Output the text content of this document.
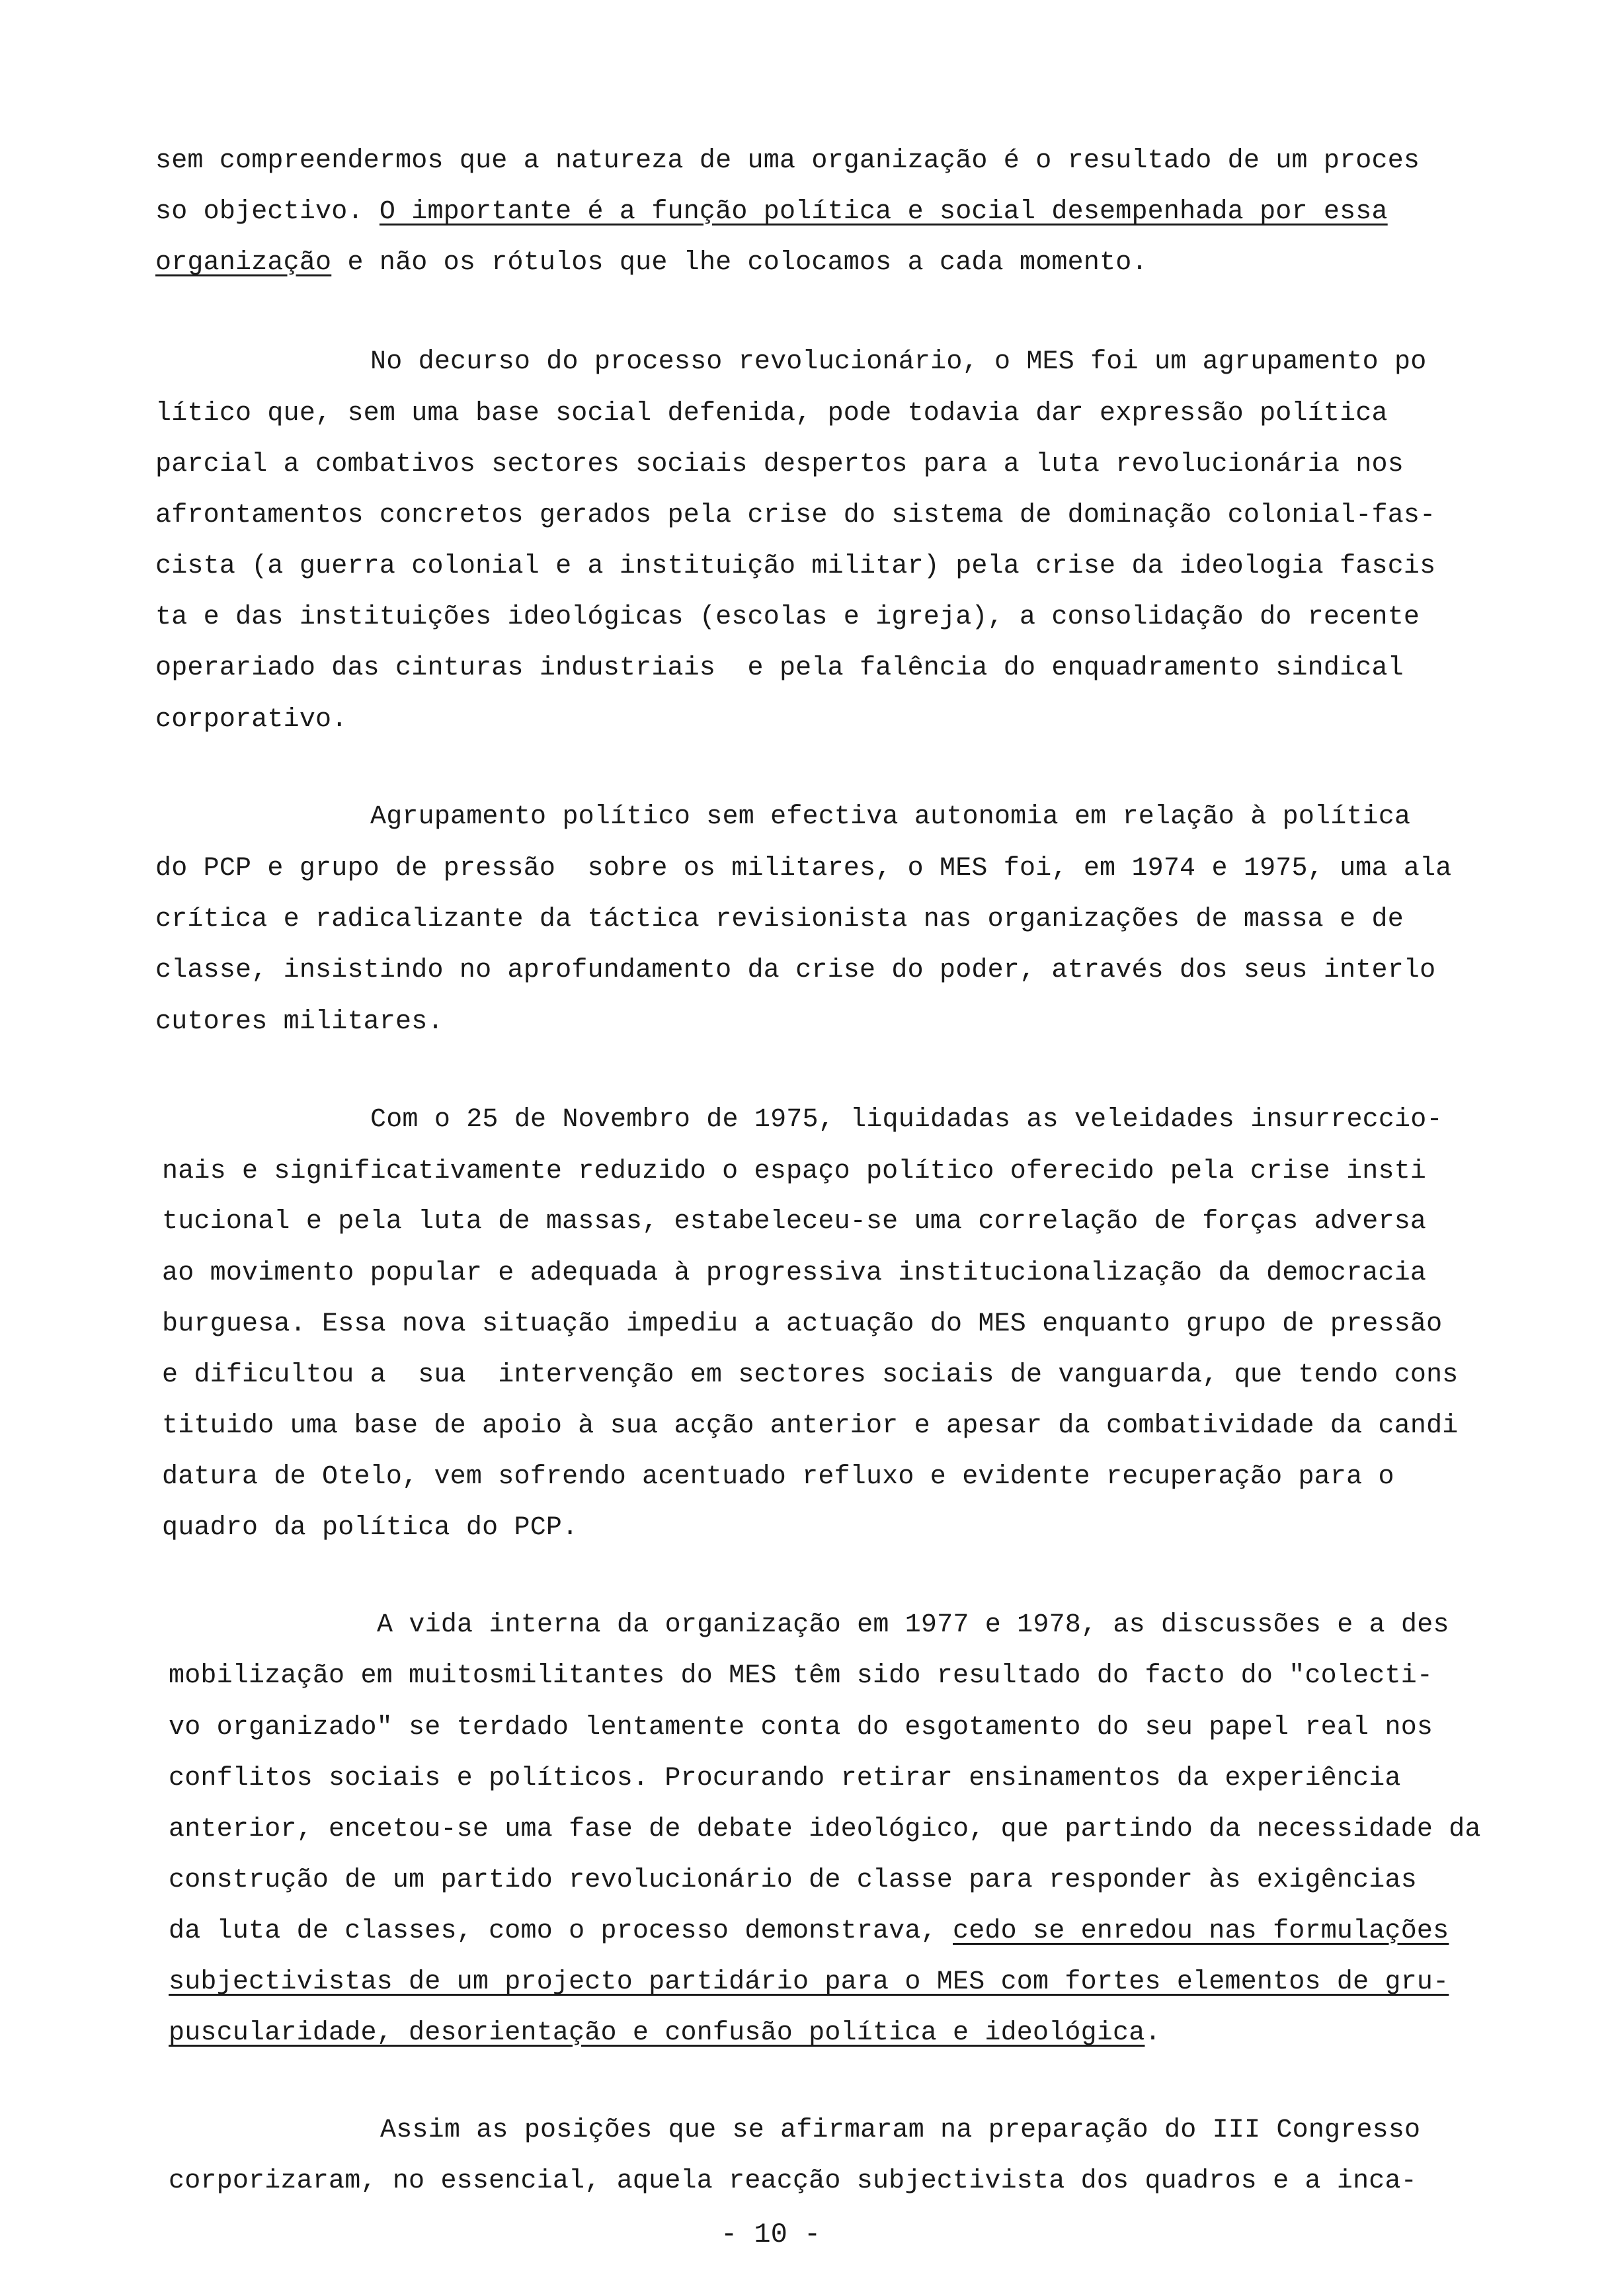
sem compreendermos que a natureza de uma organização é o resultado de um proces
so objectivo. O importante é a função política e social desempenhada por essa
organização e não os rótulos que lhe colocamos a cada momento.
No decurso do processo revolucionário, o MES foi um agrupamento po
lítico que, sem uma base social defenida, pode todavia dar expressão política
parcial a combativos sectores sociais despertos para a luta revolucionária nos
afrontamentos concretos gerados pela crise do sistema de dominação colonial-fas-
cista (a guerra colonial e a instituição militar) pela crise da ideologia fascis
ta e das instituições ideológicas (escolas e igreja), a consolidação do recente
operariado das cinturas industriais  e pela falência do enquadramento sindical
corporativo.
Agrupamento político sem efectiva autonomia em relação à política
do PCP e grupo de pressão  sobre os militares, o MES foi, em 1974 e 1975, uma ala
crítica e radicalizante da táctica revisionista nas organizações de massa e de
classe, insistindo no aprofundamento da crise do poder, através dos seus interlo
cutores militares.
Com o 25 de Novembro de 1975, liquidadas as veleidades insurreccio-
nais e significativamente reduzido o espaço político oferecido pela crise insti
tucional e pela luta de massas, estabeleceu-se uma correlação de forças adversa
ao movimento popular e adequada à progressiva institucionalização da democracia
burguesa. Essa nova situação impediu a actuação do MES enquanto grupo de pressão
e dificultou a  sua  intervenção em sectores sociais de vanguarda, que tendo cons
tituido uma base de apoio à sua acção anterior e apesar da combatividade da candi
datura de Otelo, vem sofrendo acentuado refluxo e evidente recuperação para o
quadro da política do PCP.
A vida interna da organização em 1977 e 1978, as discussões e a des
mobilização em muitosmilitantes do MES têm sido resultado do facto do "colecti-
vo organizado" se terdado lentamente conta do esgotamento do seu papel real nos
conflitos sociais e políticos. Procurando retirar ensinamentos da experiência
anterior, encetou-se uma fase de debate ideológico, que partindo da necessidade da
construção de um partido revolucionário de classe para responder às exigências
da luta de classes, como o processo demonstrava, cedo se enredou nas formulações
subjectivistas de um projecto partidário para o MES com fortes elementos de gru-
puscularidade, desorientação e confusão política e ideológica.
Assim as posições que se afirmaram na preparação do III Congresso
corporizaram, no essencial, aquela reacção subjectivista dos quadros e a inca-
- 10 -
